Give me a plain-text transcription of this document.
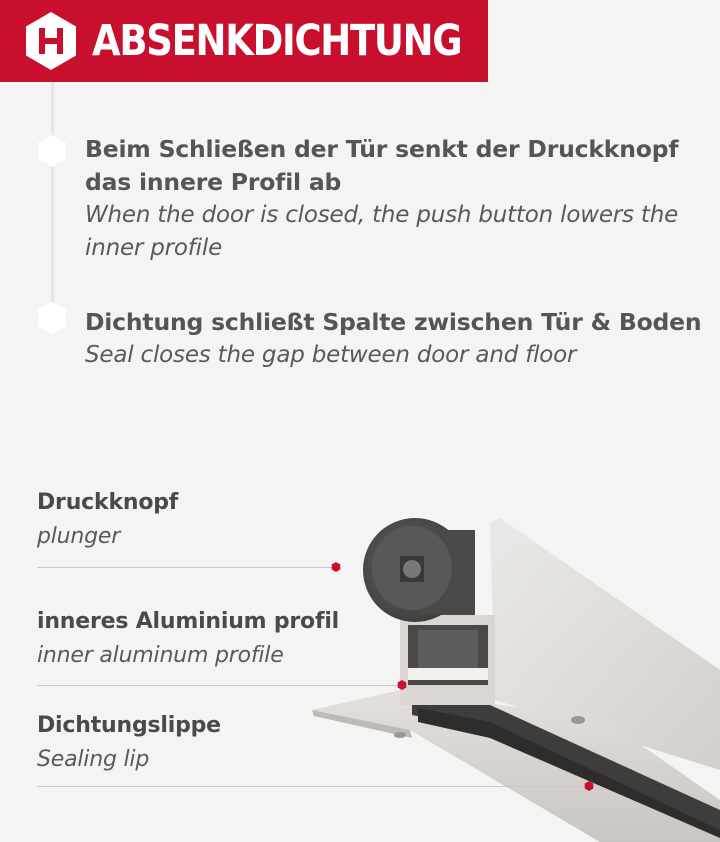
ABSENKDICHTUNG
Beim Schließen der Tür senkt der Druckknopf das innere Profil ab
When the door is closed, the push button lowers the inner profile
Dichtung schließt Spalte zwischen Tür & Boden
Seal closes the gap between door and floor
Druckknopf
plunger
inneres Aluminium profil
inner aluminum profile
Dichtungslippe
Sealing lip
